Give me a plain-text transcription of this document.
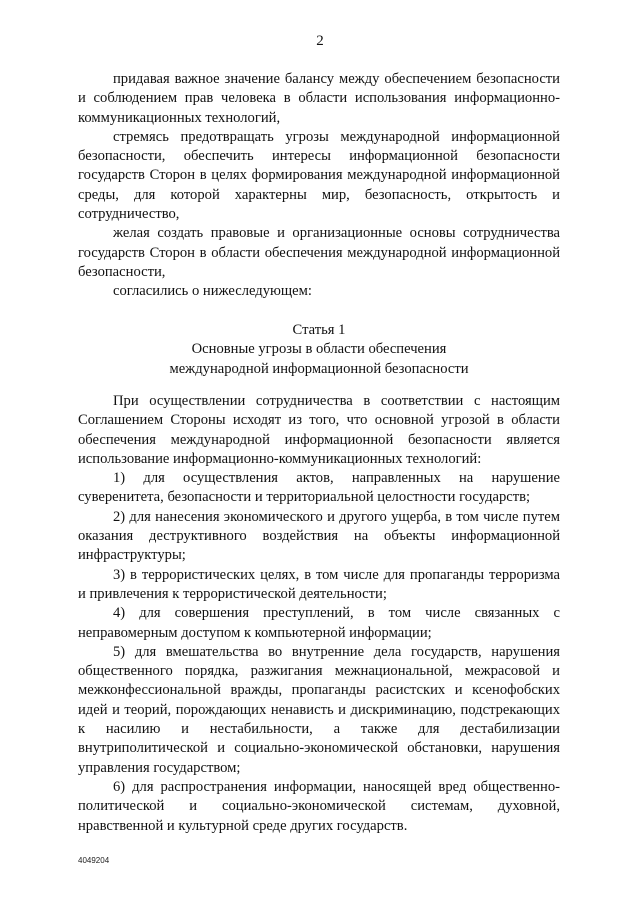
2

придавая важное значение балансу между обеспечением безопасности и соблюдением прав человека в области использования информационно-коммуникационных технологий,

стремясь предотвращать угрозы международной информационной безопасности, обеспечить интересы информационной безопасности государств Сторон в целях формирования международной информационной среды, для которой характерны мир, безопасность, открытость и сотрудничество,

желая создать правовые и организационные основы сотрудничества государств Сторон в области обеспечения международной информационной безопасности,

согласились о нижеследующем:

Статья 1

Основные угрозы в области обеспечения

международной информационной безопасности

При осуществлении сотрудничества в соответствии с настоящим Соглашением Стороны исходят из того, что основной угрозой в области обеспечения международной информационной безопасности является использование информационно-коммуникационных технологий:

1) для осуществления актов, направленных на нарушение суверенитета, безопасности и территориальной целостности государств;

2) для нанесения экономического и другого ущерба, в том числе путем оказания деструктивного воздействия на объекты информационной инфраструктуры;

3) в террористических целях, в том числе для пропаганды терроризма и привлечения к террористической деятельности;

4) для совершения преступлений, в том числе связанных с неправомерным доступом к компьютерной информации;

5) для вмешательства во внутренние дела государств, нарушения общественного порядка, разжигания межнациональной, межрасовой и межконфессиональной вражды, пропаганды расистских и ксенофобских идей и теорий, порождающих ненависть и дискриминацию, подстрекающих к насилию и нестабильности, а также для дестабилизации внутриполитической и социально-экономической обстановки, нарушения управления государством;

6) для распространения информации, наносящей вред общественно-политической и социально-экономической системам, духовной, нравственной и культурной среде других государств.

4049204
